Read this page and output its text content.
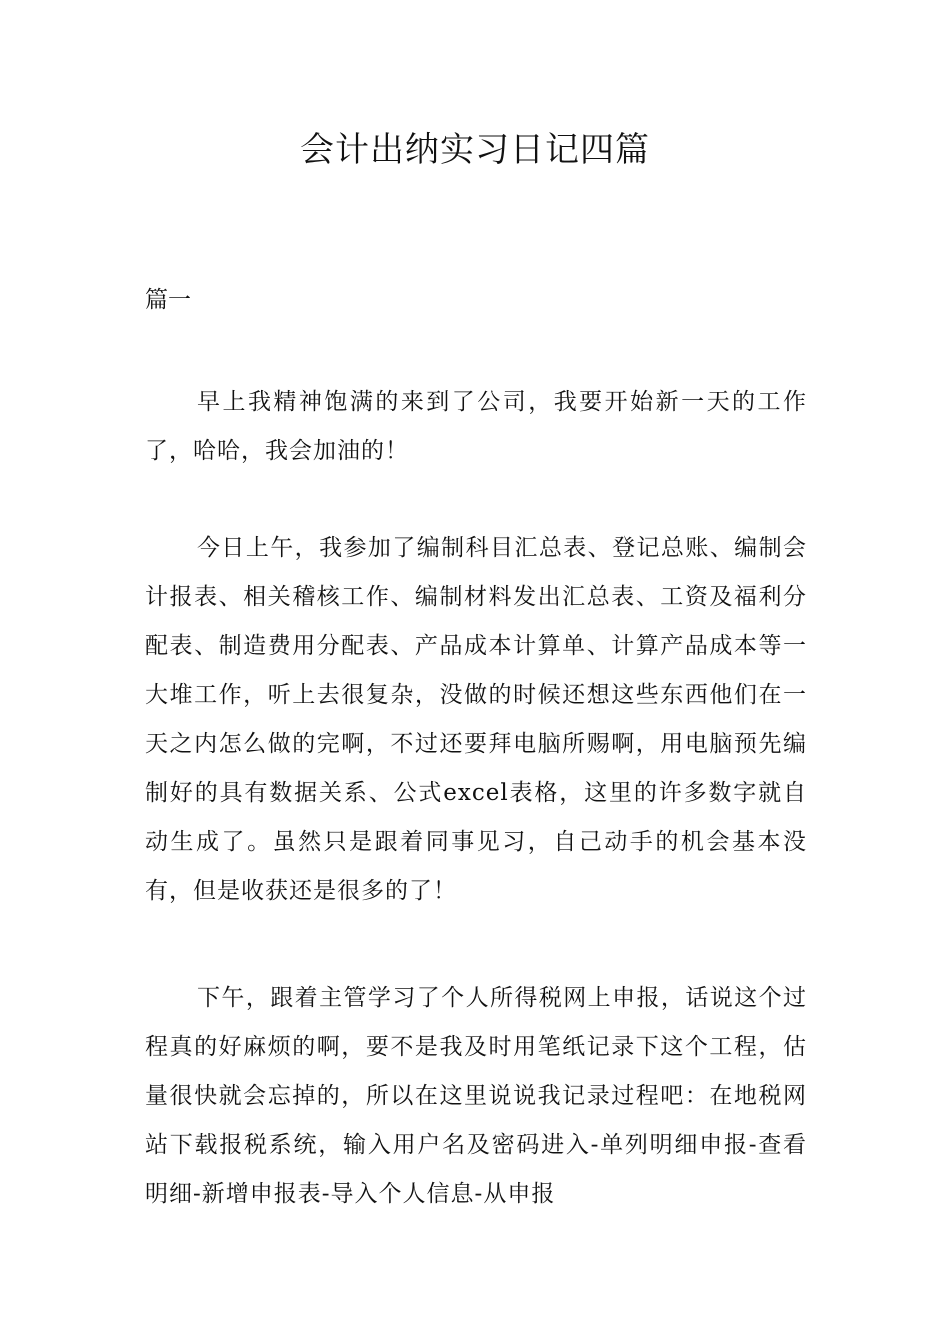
会计出纳实习日记四篇
篇一

早上我精神饱满的来到了公司，我要开始新一天的工作了，哈哈，我会加油的！

今日上午，我参加了编制科目汇总表、登记总账、编制会计报表、相关稽核工作、编制材料发出汇总表、工资及福利分配表、制造费用分配表、产品成本计算单、计算产品成本等一大堆工作，听上去很复杂，没做的时候还想这些东西他们在一天之内怎么做的完啊，不过还要拜电脑所赐啊，用电脑预先编制好的具有数据关系、公式excel表格，这里的许多数字就自动生成了。虽然只是跟着同事见习，自己动手的机会基本没有，但是收获还是很多的了！

下午，跟着主管学习了个人所得税网上申报，话说这个过程真的好麻烦的啊，要不是我及时用笔纸记录下这个工程，估量很快就会忘掉的，所以在这里说说我记录过程吧：在地税网站下载报税系统，输入用户名及密码进入-单列明细申报-查看明细-新增申报表-导入个人信息-从申报
